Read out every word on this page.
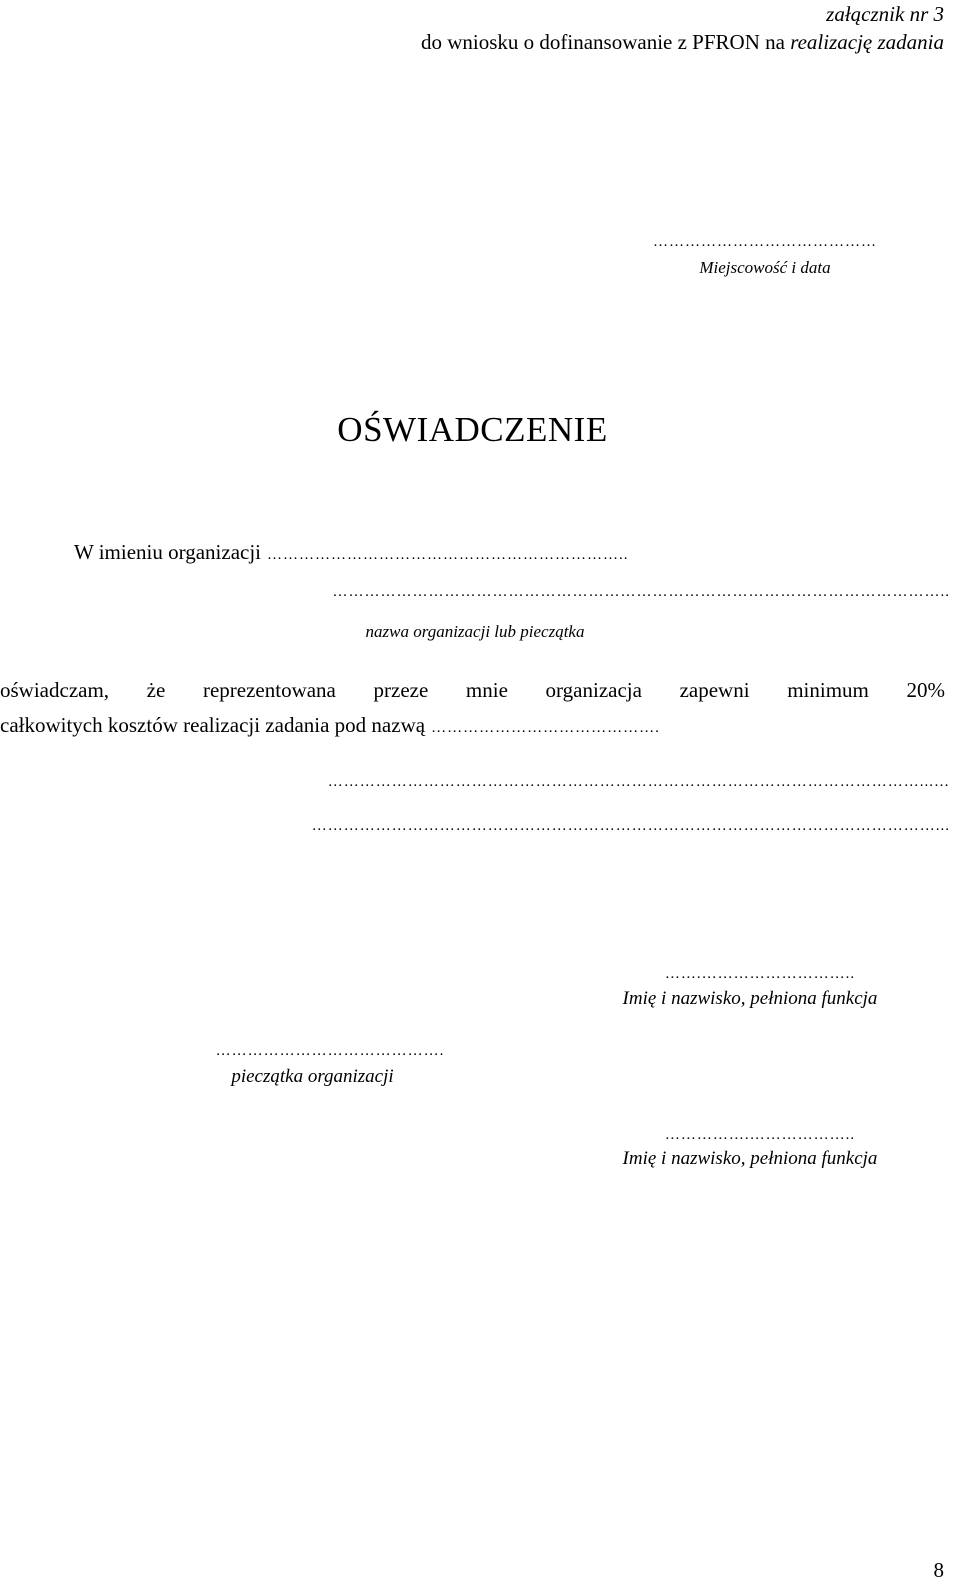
załącznik nr 3
do wniosku o dofinansowanie z PFRON na realizację zadania
……………………………………
Miejscowość i data
OŚWIADCZENIE
W imieniu organizacji …………………………………………………………..
……………………………………………………………………………………………………..
nazwa organizacji lub pieczątka
oświadczam, że reprezentowana przeze mnie organizacja zapewni minimum 20%
całkowitych kosztów realizacji zadania pod nazwą …………………………………….
…………………………………………………………………………………………………...…
………………………………………………………………………………………………………...
…….………………………..
Imię i nazwisko, pełniona funkcja
…………………………………….
pieczątka organizacji
…………….………………..
Imię i nazwisko, pełniona funkcja
8
